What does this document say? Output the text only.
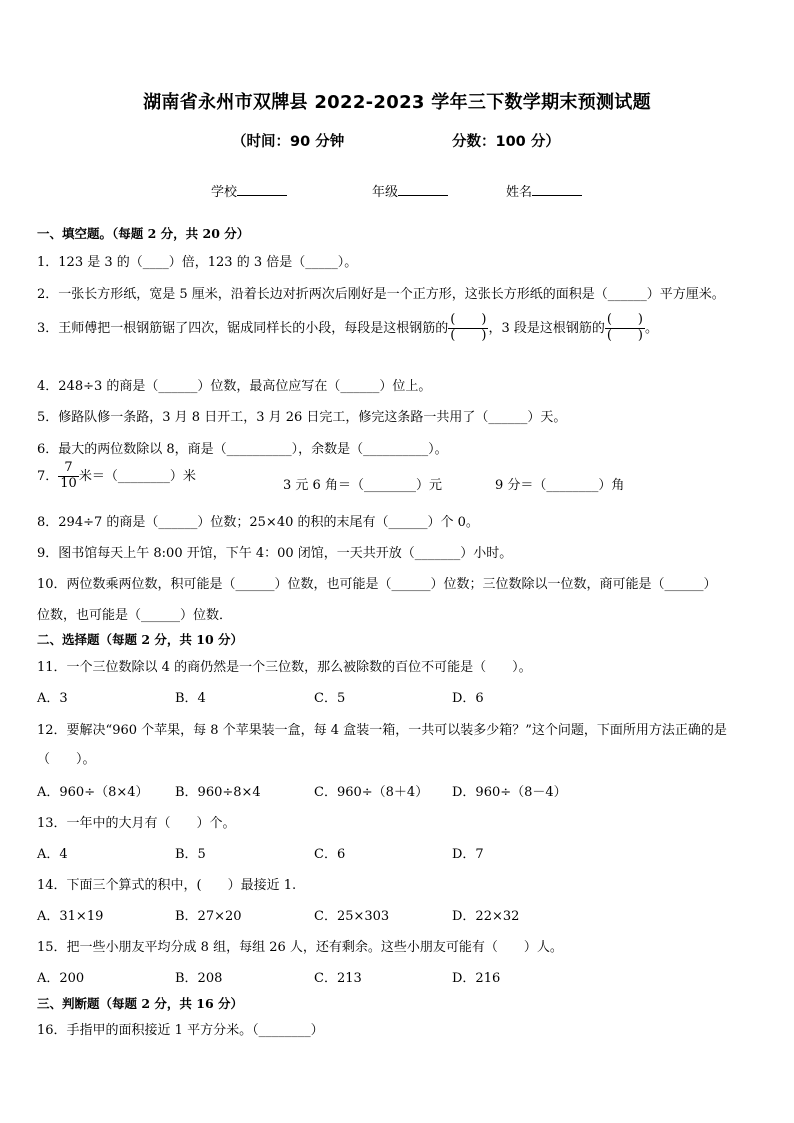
湖南省永州市双牌县 2022-2023 学年三下数学期末预测试题
（时间：90 分钟	分数：100 分）
学校	年级	姓名
一、填空题。（每题 2 分，共 20 分）
1．123 是 3 的（____）倍，123 的 3 倍是（_____）。
2．一张长方形纸，宽是 5 厘米，沿着长边对折两次后刚好是一个正方形，这张长方形纸的面积是（______）平方厘米。
3．王师傅把一根钢筋锯了四次，锯成同样长的小段，每段是这根钢筋的 $\frac{( )}{( )}$ ，3 段是这根钢筋的 $\frac{( )}{( )}$ 。
4．248÷3 的商是（______）位数，最高位应写在（______）位上。
5．修路队修一条路，3 月 8 日开工，3 月 26 日完工，修完这条路一共用了（______）天。
6．最大的两位数除以 8，商是（__________），余数是（__________）。
7． $\frac{7}{10}$ 米＝（________）米
3 元 6 角＝（________）元	9 分＝（________）角
8．294÷7 的商是（______）位数；25×40 的积的末尾有（______）个 0。
9．图书馆每天上午 8:00 开馆，下午 4：00 闭馆，一天共开放（_______）小时。
10．两位数乘两位数，积可能是（______）位数，也可能是（______）位数；三位数除以一位数，商可能是（______）
位数，也可能是（______）位数．
二、选择题（每题 2 分，共 10 分）
11．一个三位数除以 4 的商仍然是一个三位数，那么被除数的百位不可能是（　　）。
A．3	B．4	C．5	D．6
12．要解决“960 个苹果，每 8 个苹果装一盒，每 4 盒装一箱，一共可以装多少箱？”这个问题，下面所用方法正确的是
（　　）。
A．960÷（8×4） B．960÷8×4	C．960÷（8＋4） D．960÷（8－4）
13．一年中的大月有（　　）个。
A．4	B．5	C．6	D．7
14．下面三个算式的积中，(　　）最接近 1.
A．31×19	B．27×20	C．25×303	D．22×32
15．把一些小朋友平均分成 8 组，每组 26 人，还有剩余。这些小朋友可能有（　　）人。
A．200	B．208	C．213	D．216
三、判断题（每题 2 分，共 16 分）
16．手指甲的面积接近 1 平方分米。（________）
